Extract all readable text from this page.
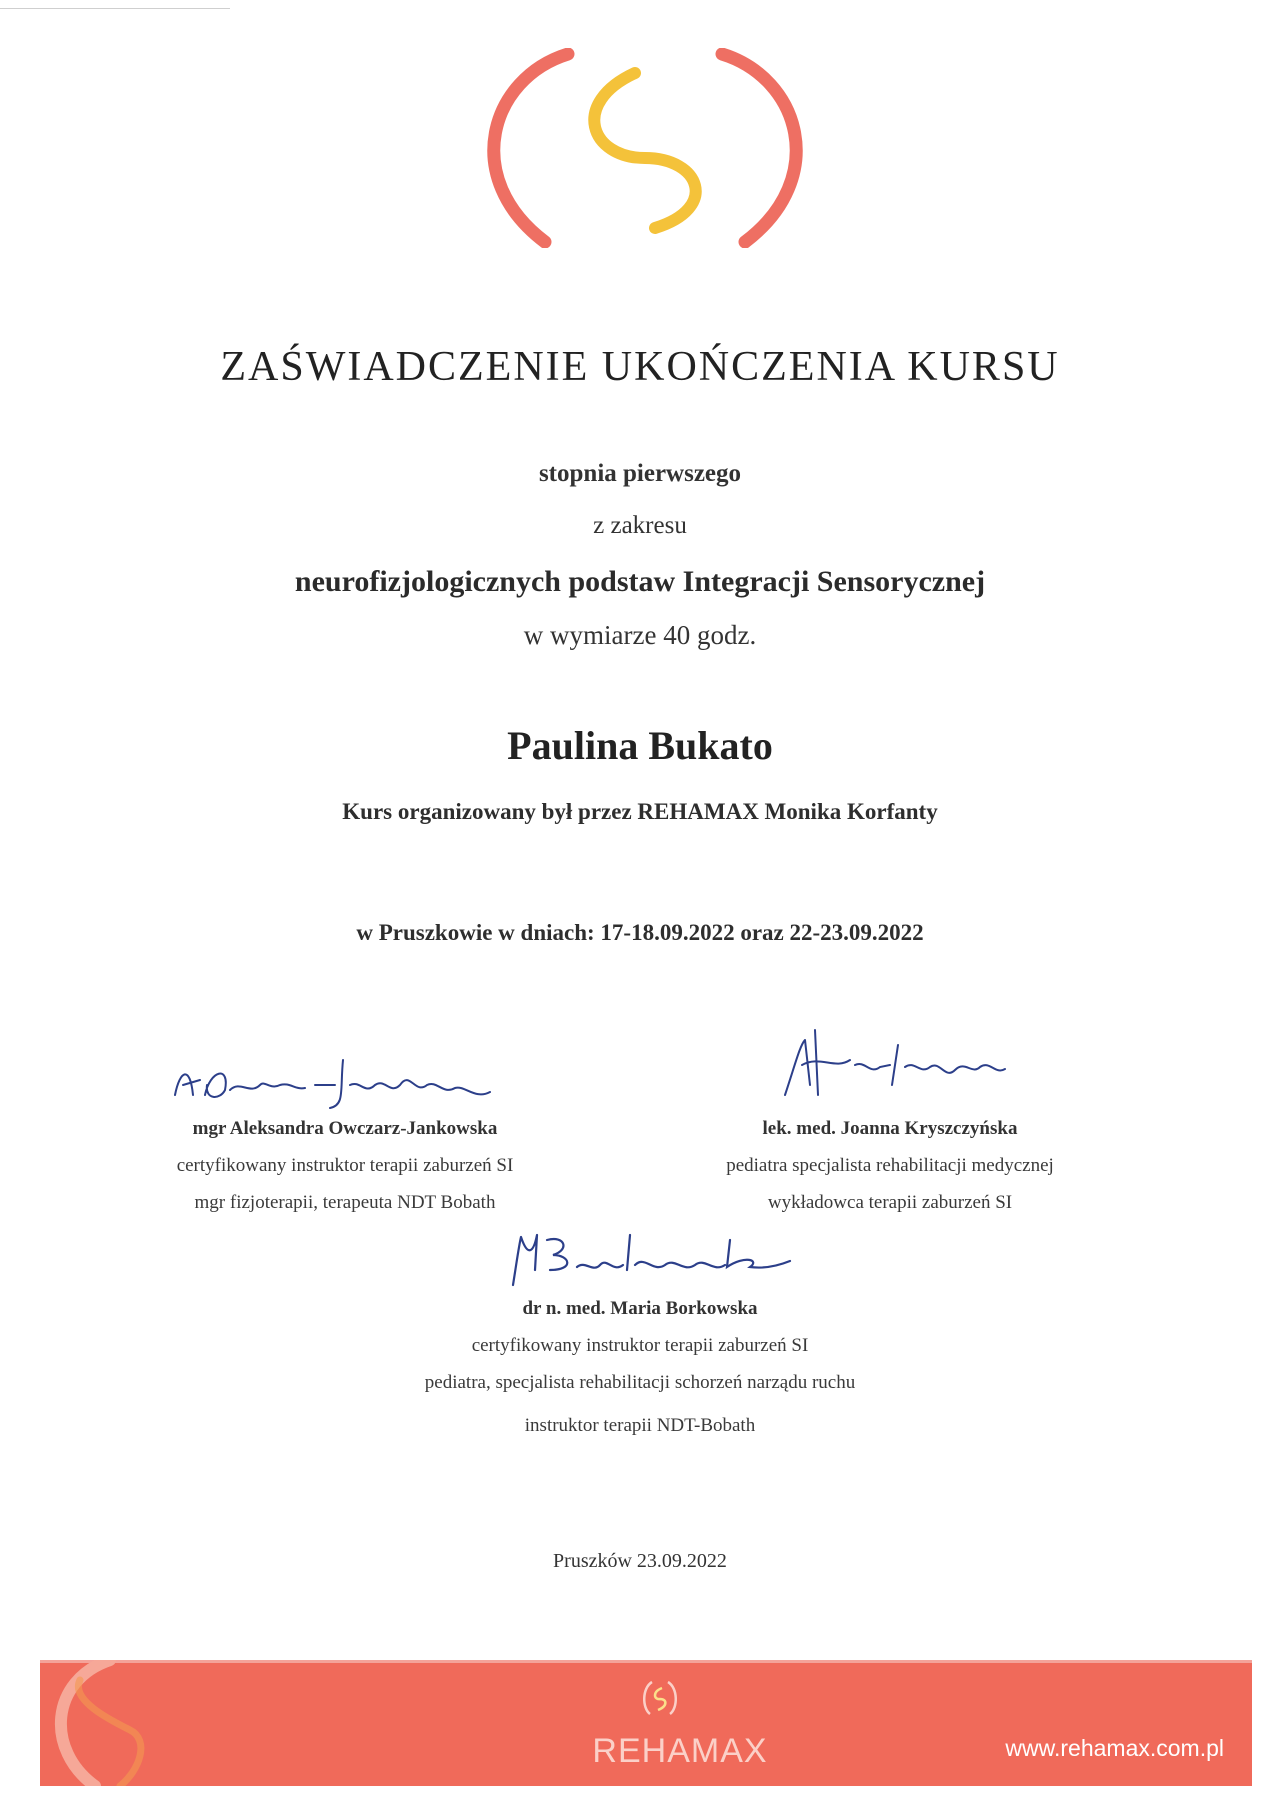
ZAŚWIADCZENIE UKOŃCZENIA KURSU
stopnia pierwszego
z zakresu
neurofizjologicznych podstaw Integracji Sensorycznej
w wymiarze 40 godz.
Paulina Bukato
Kurs organizowany był przez REHAMAX Monika Korfanty
w Pruszkowie w dniach: 17-18.09.2022 oraz 22-23.09.2022
mgr Aleksandra Owczarz-Jankowska
certyfikowany instruktor terapii zaburzeń SI
mgr fizjoterapii, terapeuta NDT Bobath
lek. med. Joanna Kryszczyńska
pediatra specjalista rehabilitacji medycznej
wykładowca terapii zaburzeń SI
dr n. med. Maria Borkowska
certyfikowany instruktor terapii zaburzeń SI
pediatra, specjalista rehabilitacji schorzeń narządu ruchu
instruktor terapii NDT-Bobath
Pruszków 23.09.2022
REHAMAX	www.rehamax.com.pl
